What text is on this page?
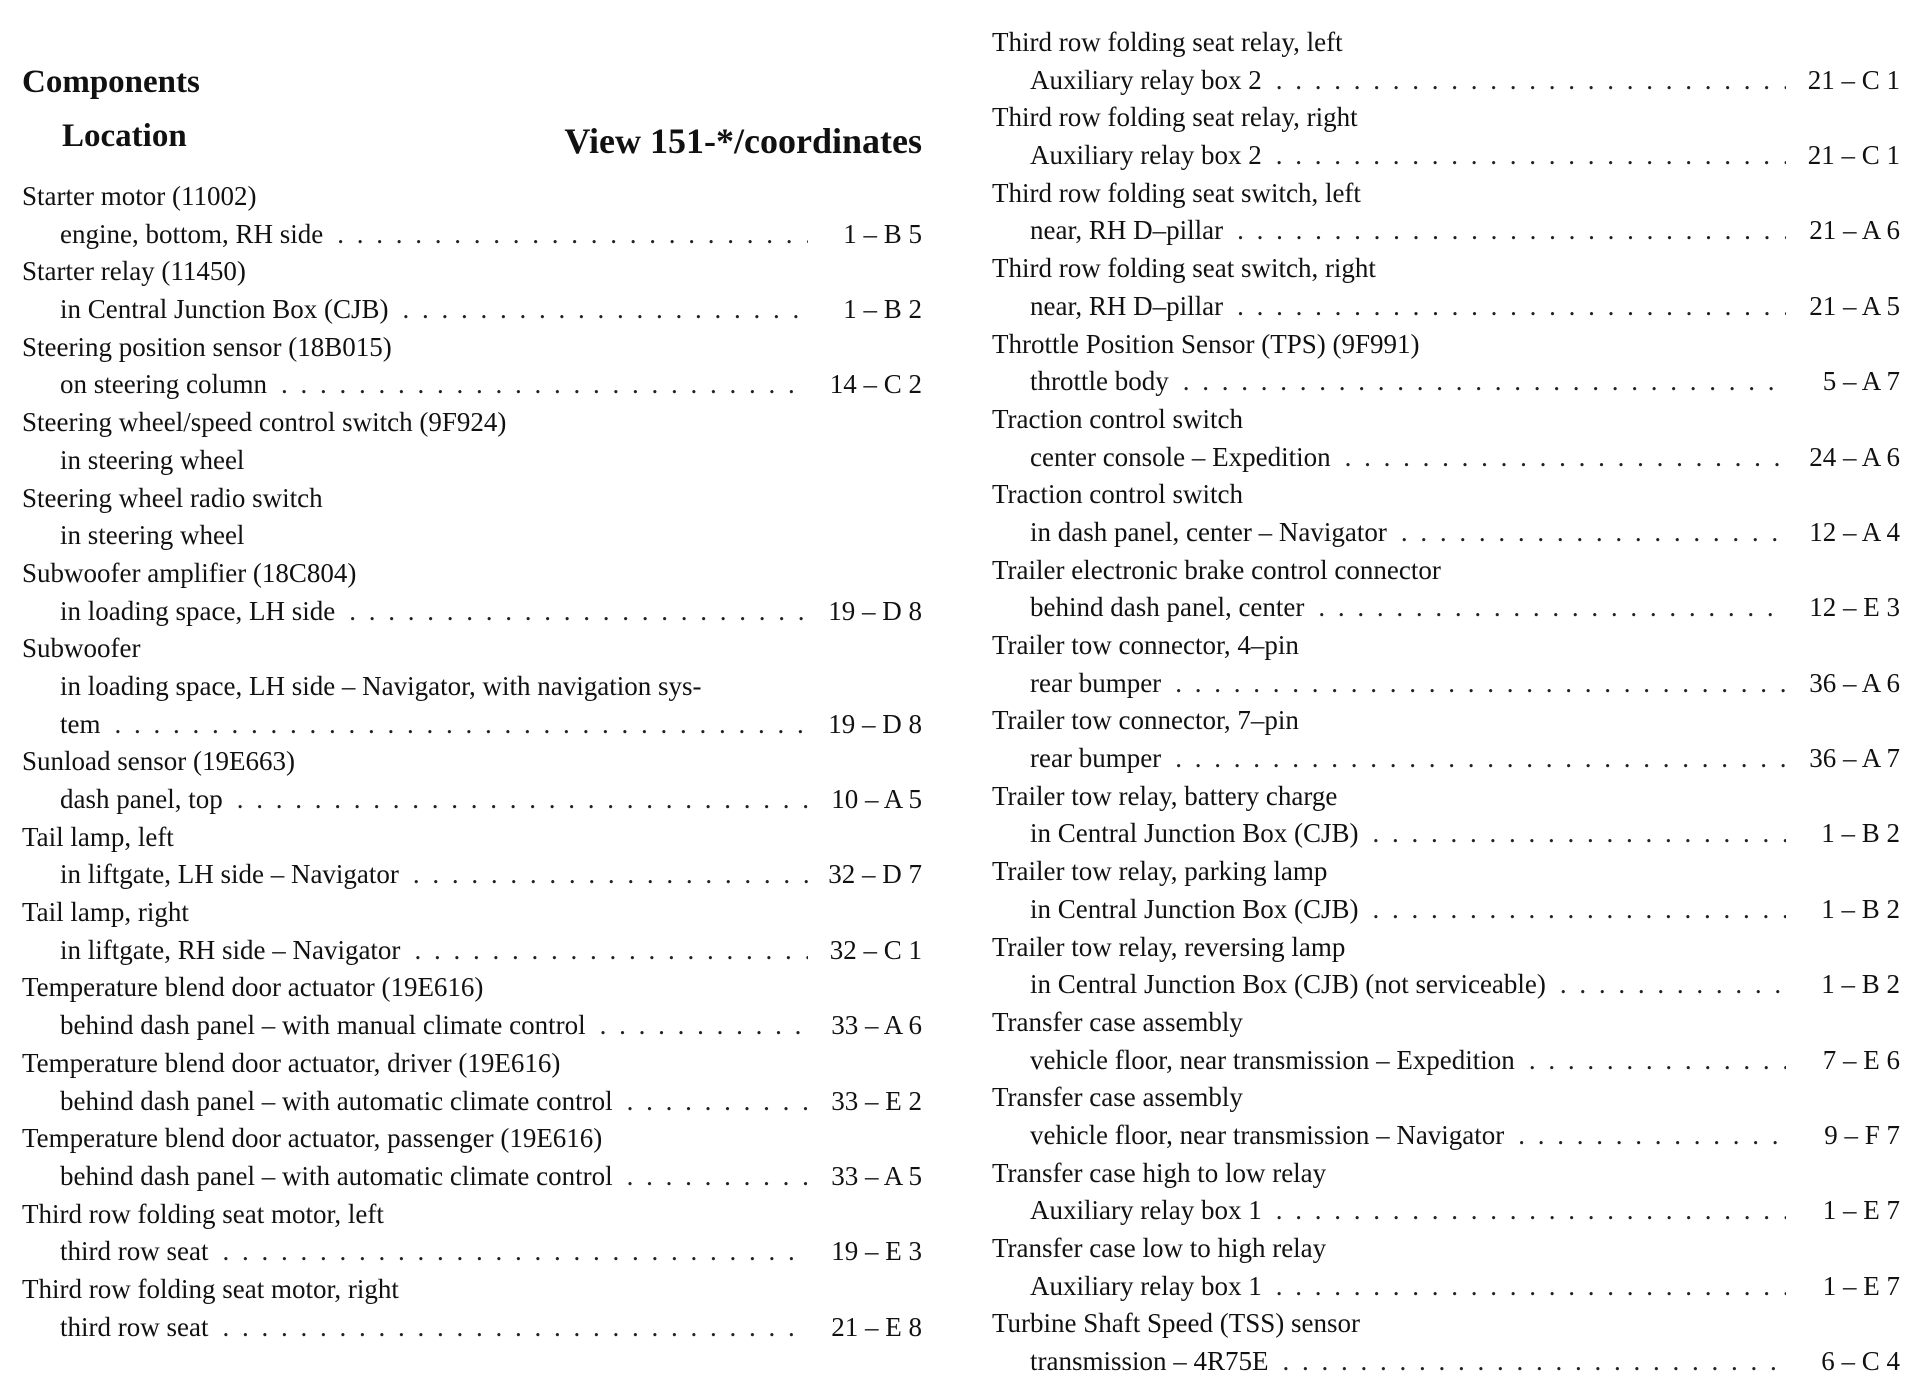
Components
Location	View 151-*/coordinates
Starter motor (11002)
engine, bottom, RH side . . .	1 – B 5
Starter relay (11450)
in Central Junction Box (CJB) . . .	1 – B 2
Steering position sensor (18B015)
on steering column . . .	14 – C 2
Steering wheel/speed control switch (9F924)
in steering wheel
Steering wheel radio switch
in steering wheel
Subwoofer amplifier (18C804)
in loading space, LH side . . .	19 – D 8
Subwoofer
in loading space, LH side – Navigator, with navigation sys-
tem . . .	19 – D 8
Sunload sensor (19E663)
dash panel, top . . .	10 – A 5
Tail lamp, left
in liftgate, LH side – Navigator . . .	32 – D 7
Tail lamp, right
in liftgate, RH side – Navigator . . .	32 – C 1
Temperature blend door actuator (19E616)
behind dash panel – with manual climate control . . .	33 – A 6
Temperature blend door actuator, driver (19E616)
behind dash panel – with automatic climate control . . .	33 – E 2
Temperature blend door actuator, passenger (19E616)
behind dash panel – with automatic climate control . . .	33 – A 5
Third row folding seat motor, left
third row seat . . .	19 – E 3
Third row folding seat motor, right
third row seat . . .	21 – E 8
Third row folding seat relay, left
Auxiliary relay box 2 . . .	21 – C 1
Third row folding seat relay, right
Auxiliary relay box 2 . . .	21 – C 1
Third row folding seat switch, left
near, RH D–pillar . . .	21 – A 6
Third row folding seat switch, right
near, RH D–pillar . . .	21 – A 5
Throttle Position Sensor (TPS) (9F991)
throttle body . . .	5 – A 7
Traction control switch
center console – Expedition . . .	24 – A 6
Traction control switch
in dash panel, center – Navigator . . .	12 – A 4
Trailer electronic brake control connector
behind dash panel, center . . .	12 – E 3
Trailer tow connector, 4–pin
rear bumper . . .	36 – A 6
Trailer tow connector, 7–pin
rear bumper . . .	36 – A 7
Trailer tow relay, battery charge
in Central Junction Box (CJB) . . .	1 – B 2
Trailer tow relay, parking lamp
in Central Junction Box (CJB) . . .	1 – B 2
Trailer tow relay, reversing lamp
in Central Junction Box (CJB) (not serviceable) . . .	1 – B 2
Transfer case assembly
vehicle floor, near transmission – Expedition . . .	7 – E 6
Transfer case assembly
vehicle floor, near transmission – Navigator . . .	9 – F 7
Transfer case high to low relay
Auxiliary relay box 1 . . .	1 – E 7
Transfer case low to high relay
Auxiliary relay box 1 . . .	1 – E 7
Turbine Shaft Speed (TSS) sensor
transmission – 4R75E . . .	6 – C 4
